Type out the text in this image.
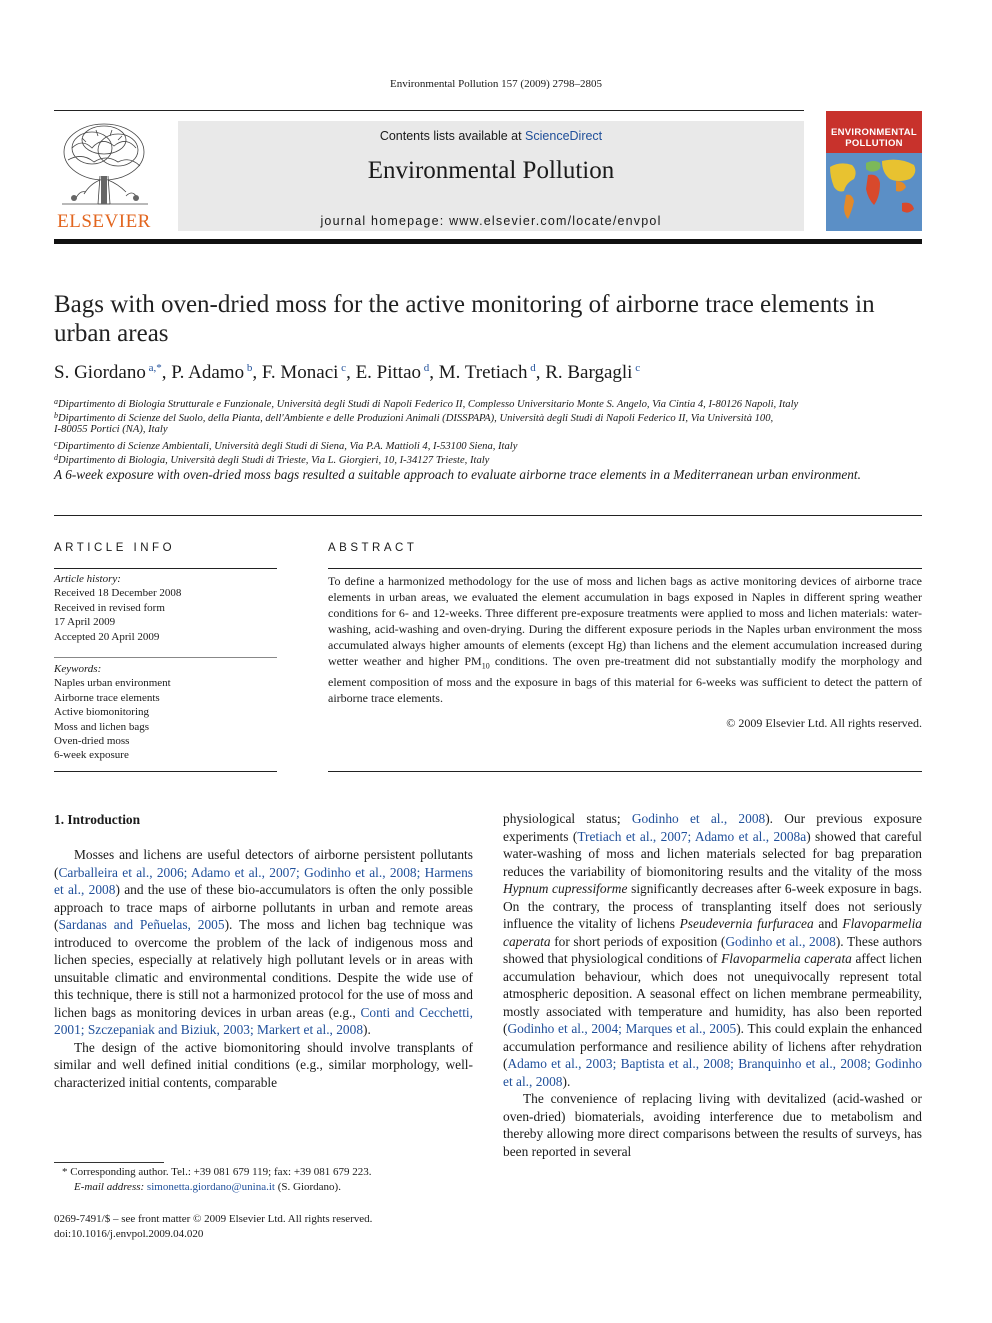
Environmental Pollution 157 (2009) 2798–2805
ELSEVIER
Contents lists available at ScienceDirect
Environmental Pollution
journal homepage: www.elsevier.com/locate/envpol
ENVIRONMENTAL
POLLUTION
Bags with oven-dried moss for the active monitoring of airborne trace elements in urban areas
S. Giordano $^{a,*}$, P. Adamo $^b$, F. Monaci $^c$, E. Pittao $^d$, M. Tretiach $^d$, R. Bargagli $^c$
$^a$Dipartimento di Biologia Strutturale e Funzionale, Università degli Studi di Napoli Federico II, Complesso Universitario Monte S. Angelo, Via Cintia 4, I-80126 Napoli, Italy
$^b$Dipartimento di Scienze del Suolo, della Pianta, dell'Ambiente e delle Produzioni Animali (DISSPAPA), Università degli Studi di Napoli Federico II, Via Università 100,
I-80055 Portici (NA), Italy
$^c$Dipartimento di Scienze Ambientali, Università degli Studi di Siena, Via P.A. Mattioli 4, I-53100 Siena, Italy
$^d$Dipartimento di Biologia, Università degli Studi di Trieste, Via L. Giorgieri, 10, I-34127 Trieste, Italy
A 6-week exposure with oven-dried moss bags resulted a suitable approach to evaluate airborne trace elements in a Mediterranean urban environment.
ARTICLE INFO
Article history:
Received 18 December 2008
Received in revised form
17 April 2009
Accepted 20 April 2009
Keywords:
Naples urban environment
Airborne trace elements
Active biomonitoring
Moss and lichen bags
Oven-dried moss
6-week exposure
ABSTRACT
To define a harmonized methodology for the use of moss and lichen bags as active monitoring devices of airborne trace elements in urban areas, we evaluated the element accumulation in bags exposed in Naples in different spring weather conditions for 6- and 12-weeks. Three different pre-exposure treatments were applied to moss and lichen materials: water-washing, acid-washing and oven-drying. During the different exposure periods in the Naples urban environment the moss accumulated always higher amounts of elements (except Hg) than lichens and the element accumulation increased during wetter weather and higher $PM_{10}$ conditions. The oven pre-treatment did not substantially modify the morphology and element composition of moss and the exposure in bags of this material for 6-weeks was sufficient to detect the pattern of airborne trace elements.
© 2009 Elsevier Ltd. All rights reserved.
1. Introduction

Mosses and lichens are useful detectors of airborne persistent pollutants (Carballeira et al., 2006; Adamo et al., 2007; Godinho et al., 2008; Harmens et al., 2008) and the use of these bio-accumulators is often the only possible approach to trace maps of airborne pollutants in urban and remote areas (Sardanas and Peñuelas, 2005). The moss and lichen bag technique was introduced to overcome the problem of the lack of indigenous moss and lichen species, especially at relatively high pollutant levels or in areas with unsuitable climatic and environmental conditions. Despite the wide use of this technique, there is still not a harmonized protocol for the use of moss and lichen bags as monitoring devices in urban areas (e.g., Conti and Cecchetti, 2001; Szczepaniak and Biziuk, 2003; Markert et al., 2008).

The design of the active biomonitoring should involve transplants of similar and well defined initial conditions (e.g., similar morphology, well-characterized initial contents, comparable

physiological status; Godinho et al., 2008). Our previous exposure experiments (Tretiach et al., 2007; Adamo et al., 2008a) showed that careful water-washing of moss and lichen materials selected for bag preparation reduces the variability of biomonitoring results and the vitality of the moss Hypnum cupressiforme significantly decreases after 6-week exposure in bags. On the contrary, the process of transplanting itself does not seriously influence the vitality of lichens Pseudevernia furfuracea and Flavoparmelia caperata for short periods of exposition (Godinho et al., 2008). These authors showed that physiological conditions of Flavoparmelia caperata affect lichen accumulation behaviour, which does not unequivocally represent total atmospheric deposition. A seasonal effect on lichen membrane permeability, mostly associated with temperature and humidity, has also been reported (Godinho et al., 2004; Marques et al., 2005). This could explain the enhanced accumulation performance and resilience ability of lichens after rehydration (Adamo et al., 2003; Baptista et al., 2008; Branquinho et al., 2008; Godinho et al., 2008).

The convenience of replacing living with devitalized (acid-washed or oven-dried) biomaterials, avoiding interference due to metabolism and thereby allowing more direct comparisons between the results of surveys, has been reported in several

* Corresponding author. Tel.: +39 081 679 119; fax: +39 081 679 223.
E-mail address: simonetta.giordano@unina.it (S. Giordano).
0269-7491/$ – see front matter © 2009 Elsevier Ltd. All rights reserved.
doi:10.1016/j.envpol.2009.04.020
